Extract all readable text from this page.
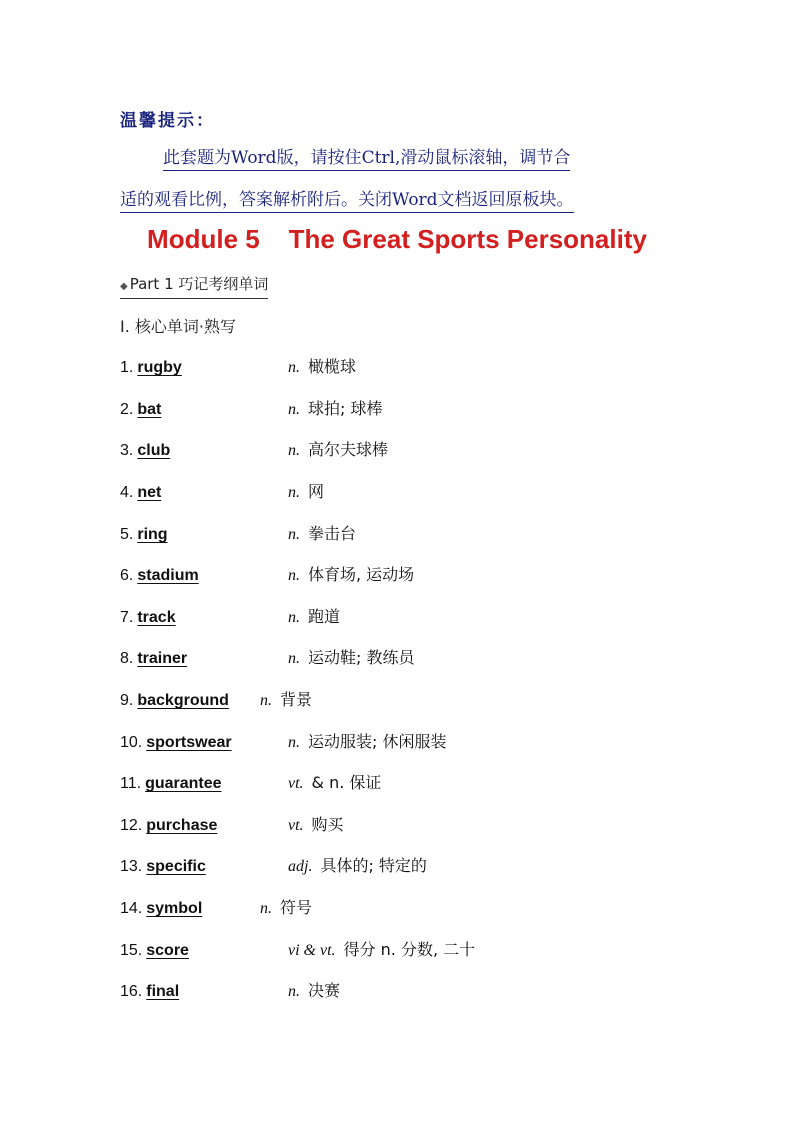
温馨提示：
此套题为Word版，请按住Ctrl,滑动鼠标滚轴，调节合
适的观看比例，答案解析附后。关闭Word文档返回原板块。
Module 5    The Great Sports Personality
◆ Part 1 巧记考纲单词
Ⅰ. 核心单词·熟写
1. rugby	n. 橄榄球
2. bat	n. 球拍; 球棒
3. club	n. 高尔夫球棒
4. net	n. 网
5. ring	n. 拳击台
6. stadium	n. 体育场, 运动场
7. track	n. 跑道
8. trainer	n. 运动鞋; 教练员
9. background n. 背景
10. sportswear	n. 运动服装; 休闲服装
11. guarantee	vt. & n. 保证
12. purchase	vt. 购买
13. specific	adj. 具体的; 特定的
14. symbol	n. 符号
15. score	vi & vt. 得分 n. 分数, 二十
16. final	n. 决赛
